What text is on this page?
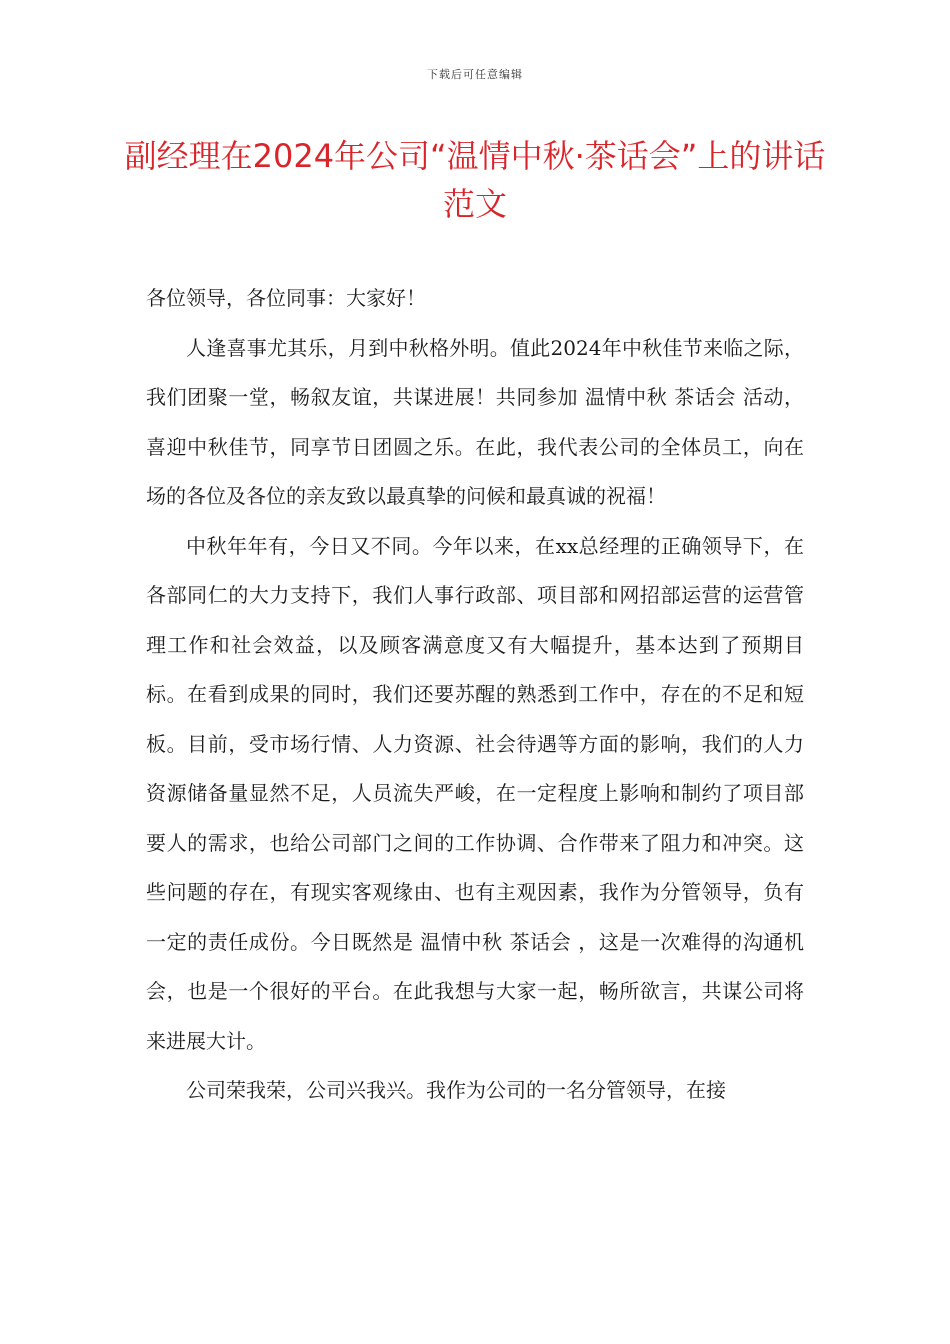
下载后可任意编辑
副经理在2024年公司“温情中秋·茶话会”上的讲话范文

各位领导，各位同事：大家好！

人逢喜事尤其乐，月到中秋格外明。值此2024年中秋佳节来临之际，我们团聚一堂，畅叙友谊，共谋进展！共同参加 温情中秋 茶话会 活动，喜迎中秋佳节，同享节日团圆之乐。在此，我代表公司的全体员工，向在场的各位及各位的亲友致以最真挚的问候和最真诚的祝福！

中秋年年有，今日又不同。今年以来，在xx总经理的正确领导下，在各部同仁的大力支持下，我们人事行政部、项目部和网招部运营的运营管理工作和社会效益，以及顾客满意度又有大幅提升，基本达到了预期目标。在看到成果的同时，我们还要苏醒的熟悉到工作中，存在的不足和短板。目前，受市场行情、人力资源、社会待遇等方面的影响，我们的人力资源储备量显然不足，人员流失严峻，在一定程度上影响和制约了项目部要人的需求，也给公司部门之间的工作协调、合作带来了阻力和冲突。这些问题的存在，有现实客观缘由、也有主观因素，我作为分管领导，负有一定的责任成份。今日既然是 温情中秋 茶话会 ，这是一次难得的沟通机会，也是一个很好的平台。在此我想与大家一起，畅所欲言，共谋公司将来进展大计。

公司荣我荣，公司兴我兴。我作为公司的一名分管领导，在接
